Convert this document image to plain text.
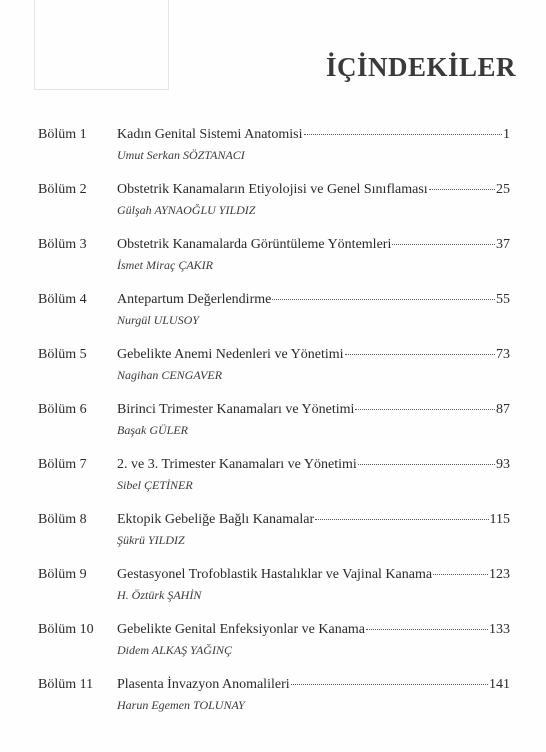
İÇİNDEKİLER
Bölüm 1	Kadın Genital Sistemi Anatomisi	1
Umut Serkan SÖZTANACI
Bölüm 2	Obstetrik Kanamaların Etiyolojisi ve Genel Sınıflaması	25
Gülşah AYNAOĞLU YILDIZ
Bölüm 3	Obstetrik Kanamalarda Görüntüleme Yöntemleri	37
İsmet Miraç ÇAKIR
Bölüm 4	Antepartum Değerlendirme	55
Nurgül ULUSOY
Bölüm 5	Gebelikte Anemi Nedenleri ve Yönetimi	73
Nagihan CENGAVER
Bölüm 6	Birinci Trimester Kanamaları ve Yönetimi	87
Başak GÜLER
Bölüm 7	2. ve 3. Trimester Kanamaları ve Yönetimi	93
Sibel ÇETİNER
Bölüm 8	Ektopik Gebeliğe Bağlı Kanamalar	115
Şükrü YILDIZ
Bölüm 9	Gestasyonel Trofoblastik Hastalıklar ve Vajinal Kanama	123
H. Öztürk ŞAHİN
Bölüm 10	Gebelikte Genital Enfeksiyonlar ve Kanama	133
Didem ALKAŞ YAĞINÇ
Bölüm 11	Plasenta İnvazyon Anomalileri	141
Harun Egemen TOLUNAY
